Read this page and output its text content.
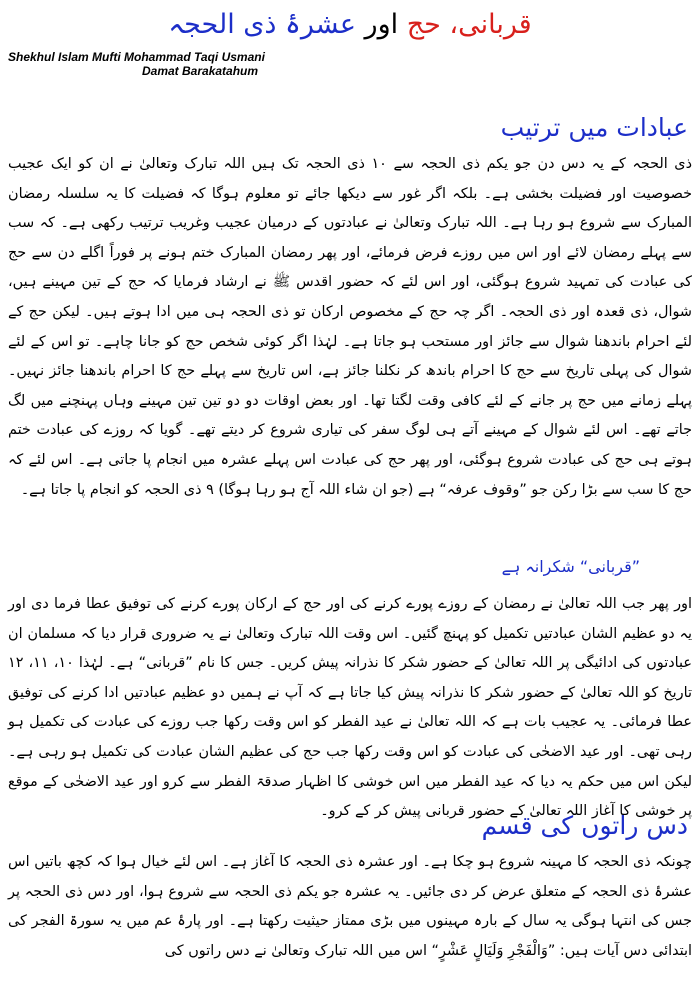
قربانی، حج اور عشرۂ ذی الحجہ
Shekhul Islam Mufti Mohammad Taqi Usmani
Damat Barakatahum
عبادات میں ترتیب

ذی الحجہ کے یہ دس دن جو یکم ذی الحجہ سے ۱۰ ذی الحجہ تک ہیں اللہ تبارک وتعالیٰ نے ان کو ایک عجیب خصوصیت اور فضیلت بخشی ہے۔ بلکہ اگر غور سے دیکھا جائے تو معلوم ہوگا کہ فضیلت کا یہ سلسلہ رمضان المبارک سے شروع ہو رہا ہے۔ اللہ تبارک وتعالیٰ نے عبادتوں کے درمیان عجیب وغریب ترتیب رکھی ہے۔ کہ سب سے پہلے رمضان لائے اور اس میں روزے فرض فرمائے، اور پھر رمضان المبارک ختم ہونے پر فوراً اگلے دن سے حج کی عبادت کی تمہید شروع ہوگئی، اور اس لئے کہ حضور اقدس ﷺ نے ارشاد فرمایا کہ حج کے تین مہینے ہیں، شوال، ذی قعدہ اور ذی الحجہ۔ اگر چہ حج کے مخصوص ارکان تو ذی الحجہ ہی میں ادا ہوتے ہیں۔ لیکن حج کے لئے احرام باندھنا شوال سے جائز اور مستحب ہو جاتا ہے۔ لہٰذا اگر کوئی شخص حج کو جانا چاہے۔ تو اس کے لئے شوال کی پہلی تاریخ سے حج کا احرام باندھ کر نکلنا جائز ہے، اس تاریخ سے پہلے حج کا احرام باندھنا جائز نہیں۔ پہلے زمانے میں حج پر جانے کے لئے کافی وقت لگتا تھا۔ اور بعض اوقات دو دو تین تین مہینے وہاں پہنچنے میں لگ جاتے تھے۔ اس لئے شوال کے مہینے آتے ہی لوگ سفر کی تیاری شروع کر دیتے تھے۔ گویا کہ روزے کی عبادت ختم ہوتے ہی حج کی عبادت شروع ہوگئی، اور پھر حج کی عبادت اس پہلے عشرہ میں انجام پا جاتی ہے۔ اس لئے کہ حج کا سب سے بڑا رکن جو ”وقوف عرفہ“ ہے (جو ان شاء اللہ آج ہو رہا ہوگا) ۹ ذی الحجہ کو انجام پا جاتا ہے۔

”قربانی“ شکرانہ ہے

اور پھر جب اللہ تعالیٰ نے رمضان کے روزے پورے کرنے کی اور حج کے ارکان پورے کرنے کی توفیق عطا فرما دی اور یہ دو عظیم الشان عبادتیں تکمیل کو پہنچ گئیں۔ اس وقت اللہ تبارک وتعالیٰ نے یہ ضروری قرار دیا کہ مسلمان ان عبادتوں کی ادائیگی پر اللہ تعالیٰ کے حضور شکر کا نذرانہ پیش کریں۔ جس کا نام ”قربانی“ ہے۔ لہٰذا ۱۰، ۱۱، ۱۲ تاریخ کو اللہ تعالیٰ کے حضور شکر کا نذرانہ پیش کیا جاتا ہے کہ آپ نے ہمیں دو عظیم عبادتیں ادا کرنے کی توفیق عطا فرمائی۔ یہ عجیب بات ہے کہ اللہ تعالیٰ نے عید الفطر کو اس وقت رکھا جب روزے کی عبادت کی تکمیل ہو رہی تھی۔ اور عید الاضحٰی کی عبادت کو اس وقت رکھا جب حج کی عظیم الشان عبادت کی تکمیل ہو رہی ہے۔ لیکن اس میں حکم یہ دیا کہ عید الفطر میں اس خوشی کا اظہار صدقۃ الفطر سے کرو اور عید الاضحٰی کے موقع پر خوشی کا آغاز اللہ تعالیٰ کے حضور قربانی پیش کر کے کرو۔

دس راتوں کی قسم

چونکہ ذی الحجہ کا مہینہ شروع ہو چکا ہے۔ اور عشرہ ذی الحجہ کا آغاز ہے۔ اس لئے خیال ہوا کہ کچھ باتیں اس عشرۂ ذی الحجہ کے متعلق عرض کر دی جائیں۔ یہ عشرہ جو یکم ذی الحجہ سے شروع ہوا، اور دس ذی الحجہ پر جس کی انتہا ہوگی یہ سال کے بارہ مہینوں میں بڑی ممتاز حیثیت رکھتا ہے۔ اور پارۂ عم میں یہ سورۃ الفجر کی ابتدائی دس آیات ہیں: ”وَالْفَجْرِ وَلَيَالٍ عَشْرٍ“ اس میں اللہ تبارک وتعالیٰ نے دس راتوں کی
